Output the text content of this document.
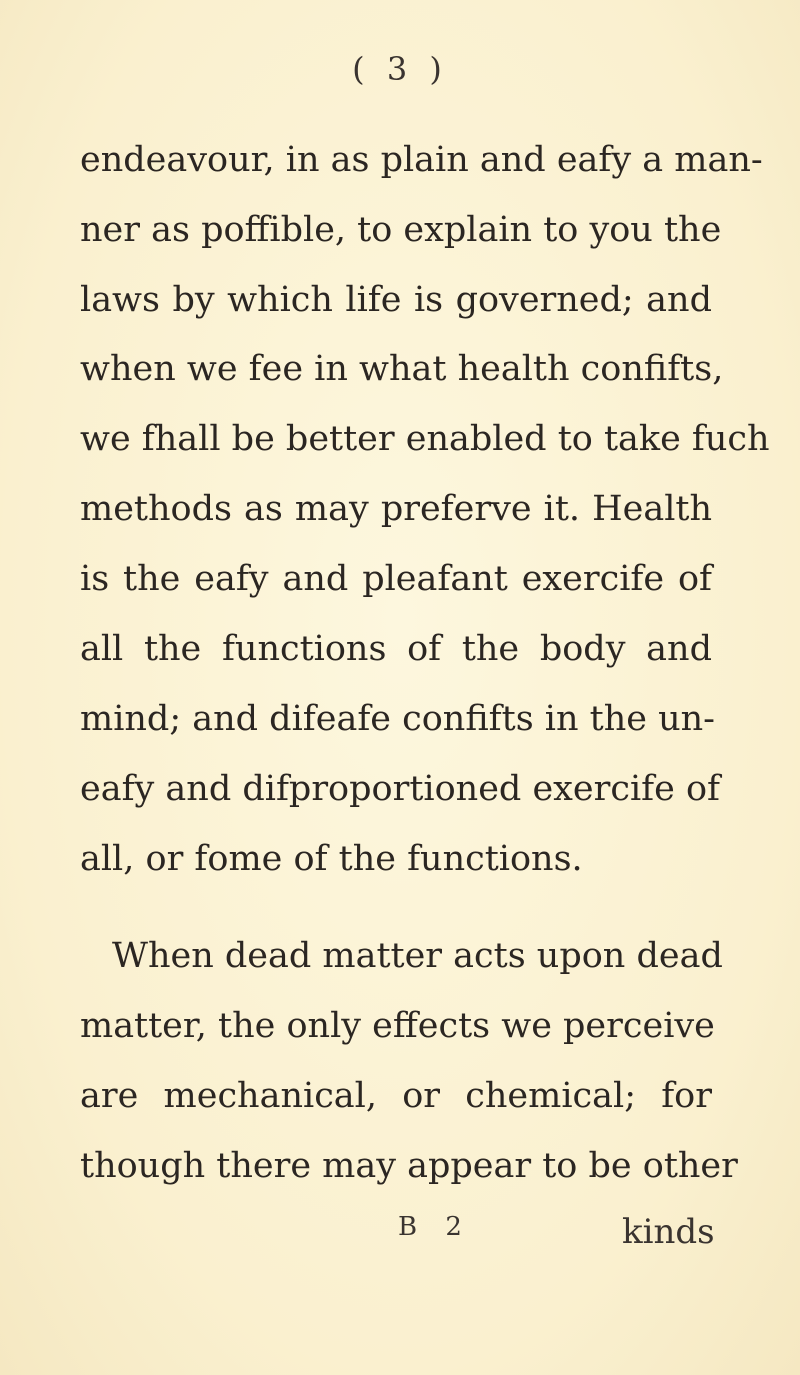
( 3 )
endeavour, in as plain and eafy a man-
ner as poffible, to explain to you the
laws by which life is governed; and
when we fee in what health confifts,
we fhall be better enabled to take fuch
methods as may preferve it. Health
is the eafy and pleafant exercife of
all the functions of the body and
mind; and difeafe confifts in the un-
eafy and difproportioned exercife of
all, or fome of the functions.
When dead matter acts upon dead
matter, the only effects we perceive
are mechanical, or chemical; for
though there may appear to be other
B 2	kinds
